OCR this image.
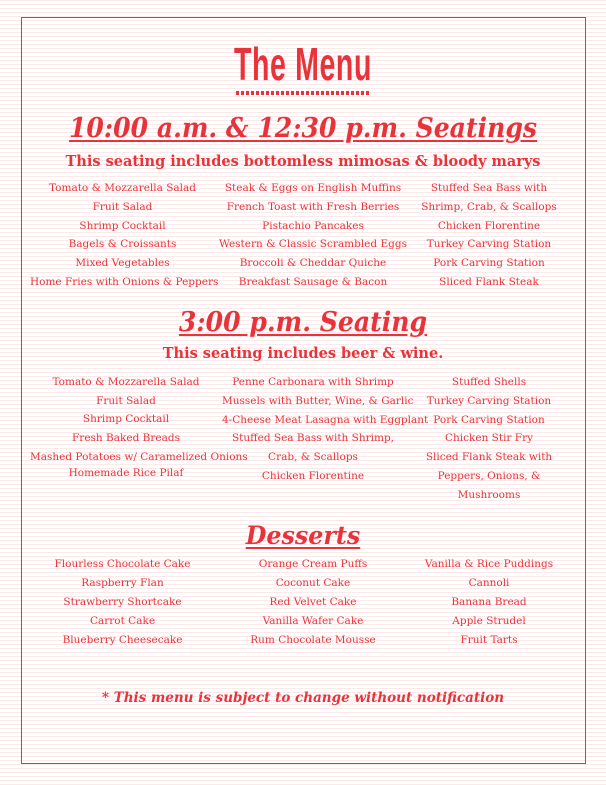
The Menu
10:00 a.m. & 12:30 p.m. Seatings
This seating includes bottomless mimosas & bloody marys
Tomato & Mozzarella Salad
Fruit Salad
Shrimp Cocktail
Bagels & Croissants
Mixed Vegetables
Home Fries with Onions & Peppers
Steak & Eggs on English Muffins
French Toast with Fresh Berries
Pistachio Pancakes
Western & Classic Scrambled Eggs
Broccoli & Cheddar Quiche
Breakfast Sausage & Bacon
Stuffed Sea Bass with Shrimp, Crab, & Scallops
Chicken Florentine
Turkey Carving Station
Pork Carving Station
Sliced Flank Steak
3:00 p.m. Seating
This seating includes beer & wine.
Tomato & Mozzarella Salad
Fruit Salad
Shrimp Cocktail
Fresh Baked Breads
Mashed Potatoes w/ Caramelized Onions
Homemade Rice Pilaf
Penne Carbonara with Shrimp
Mussels with Butter, Wine, & Garlic
4-Cheese Meat Lasagna with Eggplant
Stuffed Sea Bass with Shrimp, Crab, & Scallops
Chicken Florentine
Stuffed Shells
Turkey Carving Station
Pork Carving Station
Chicken Stir Fry
Sliced Flank Steak with Peppers, Onions, & Mushrooms
Desserts
Flourless Chocolate Cake
Raspberry Flan
Strawberry Shortcake
Carrot Cake
Blueberry Cheesecake
Orange Cream Puffs
Coconut Cake
Red Velvet Cake
Vanilla Wafer Cake
Rum Chocolate Mousse
Vanilla & Rice Puddings
Cannoli
Banana Bread
Apple Strudel
Fruit Tarts
* This menu is subject to change without notification
